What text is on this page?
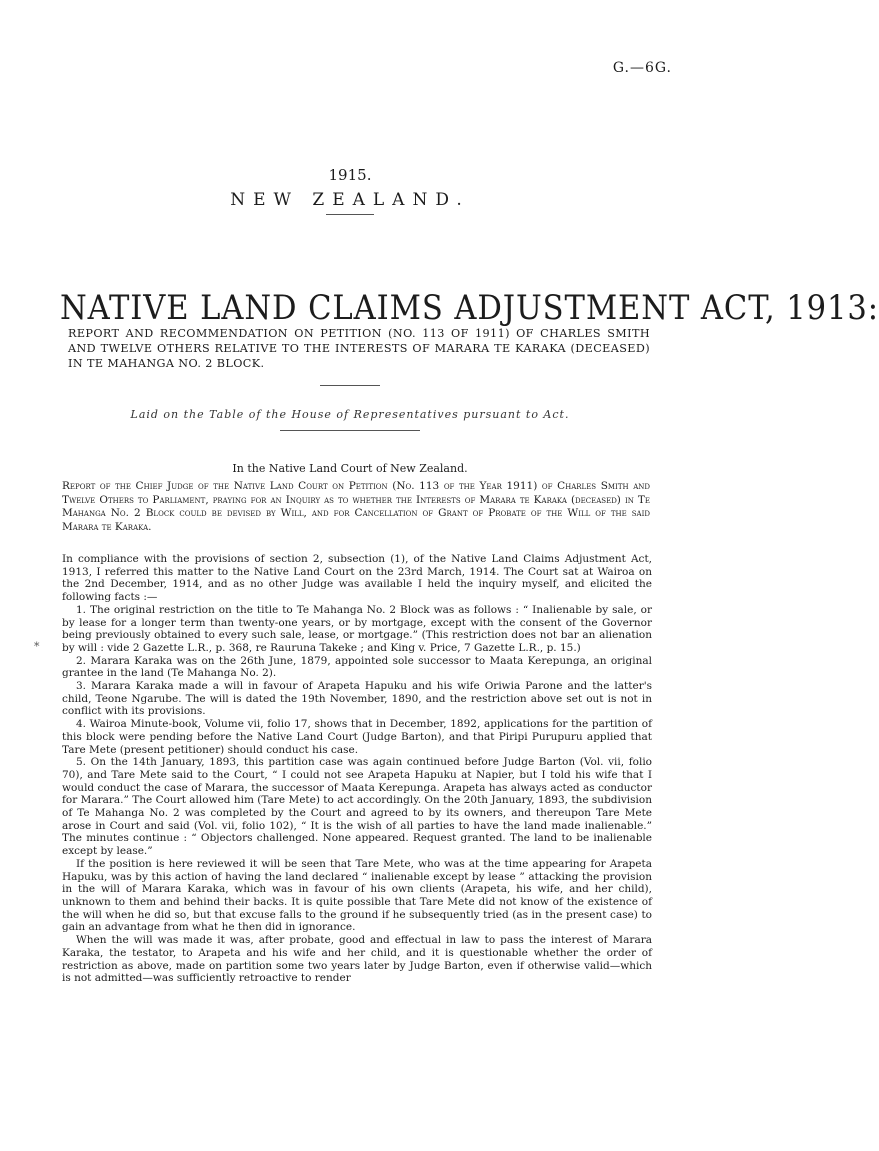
G.—6G.
1915.
NEW ZEALAND.
NATIVE LAND CLAIMS ADJUSTMENT ACT, 1913:
REPORT AND RECOMMENDATION ON PETITION (NO. 113 OF 1911) OF CHARLES SMITH AND TWELVE OTHERS RELATIVE TO THE INTERESTS OF MARARA TE KARAKA (DECEASED) IN TE MAHANGA NO. 2 BLOCK.
Laid on the Table of the House of Representatives pursuant to Act.
In the Native Land Court of New Zealand.
Report of the Chief Judge of the Native Land Court on Petition (No. 113 of the Year 1911) of Charles Smith and Twelve Others to Parliament, praying for an Inquiry as to whether the Interests of Marara te Karaka (deceased) in Te Mahanga No. 2 Block could be devised by Will, and for Cancellation of Grant of Probate of the Will of the said Marara te Karaka.
*

In compliance with the provisions of section 2, subsection (1), of the Native Land Claims Adjustment Act, 1913, I referred this matter to the Native Land Court on the 23rd March, 1914. The Court sat at Wairoa on the 2nd December, 1914, and as no other Judge was available I held the inquiry myself, and elicited the following facts :—

1. The original restriction on the title to Te Mahanga No. 2 Block was as follows : “ Inalienable by sale, or by lease for a longer term than twenty-one years, or by mortgage, except with the consent of the Governor being previously obtained to every such sale, lease, or mortgage.” (This restriction does not bar an alienation by will : vide 2 Gazette L.R., p. 368, re Rauruna Takeke ; and King v. Price, 7 Gazette L.R., p. 15.)

2. Marara Karaka was on the 26th June, 1879, appointed sole successor to Maata Kerepunga, an original grantee in the land (Te Mahanga No. 2).

3. Marara Karaka made a will in favour of Arapeta Hapuku and his wife Oriwia Parone and the latter's child, Teone Ngarube. The will is dated the 19th November, 1890, and the restriction above set out is not in conflict with its provisions.

4. Wairoa Minute-book, Volume vii, folio 17, shows that in December, 1892, applications for the partition of this block were pending before the Native Land Court (Judge Barton), and that Piripi Purupuru applied that Tare Mete (present petitioner) should conduct his case.

5. On the 14th January, 1893, this partition case was again continued before Judge Barton (Vol. vii, folio 70), and Tare Mete said to the Court, “ I could not see Arapeta Hapuku at Napier, but I told his wife that I would conduct the case of Marara, the successor of Maata Kerepunga. Arapeta has always acted as conductor for Marara.” The Court allowed him (Tare Mete) to act accordingly. On the 20th January, 1893, the subdivision of Te Mahanga No. 2 was completed by the Court and agreed to by its owners, and thereupon Tare Mete arose in Court and said (Vol. vii, folio 102), “ It is the wish of all parties to have the land made inalienable.” The minutes continue : “ Objectors challenged. None appeared. Request granted. The land to be inalienable except by lease.”

If the position is here reviewed it will be seen that Tare Mete, who was at the time appearing for Arapeta Hapuku, was by this action of having the land declared “ inalienable except by lease ” attacking the provision in the will of Marara Karaka, which was in favour of his own clients (Arapeta, his wife, and her child), unknown to them and behind their backs. It is quite possible that Tare Mete did not know of the existence of the will when he did so, but that excuse falls to the ground if he subsequently tried (as in the present case) to gain an advantage from what he then did in ignorance.

When the will was made it was, after probate, good and effectual in law to pass the interest of Marara Karaka, the testator, to Arapeta and his wife and her child, and it is questionable whether the order of restriction as above, made on partition some two years later by Judge Barton, even if otherwise valid—which is not admitted—was sufficiently retroactive to render
